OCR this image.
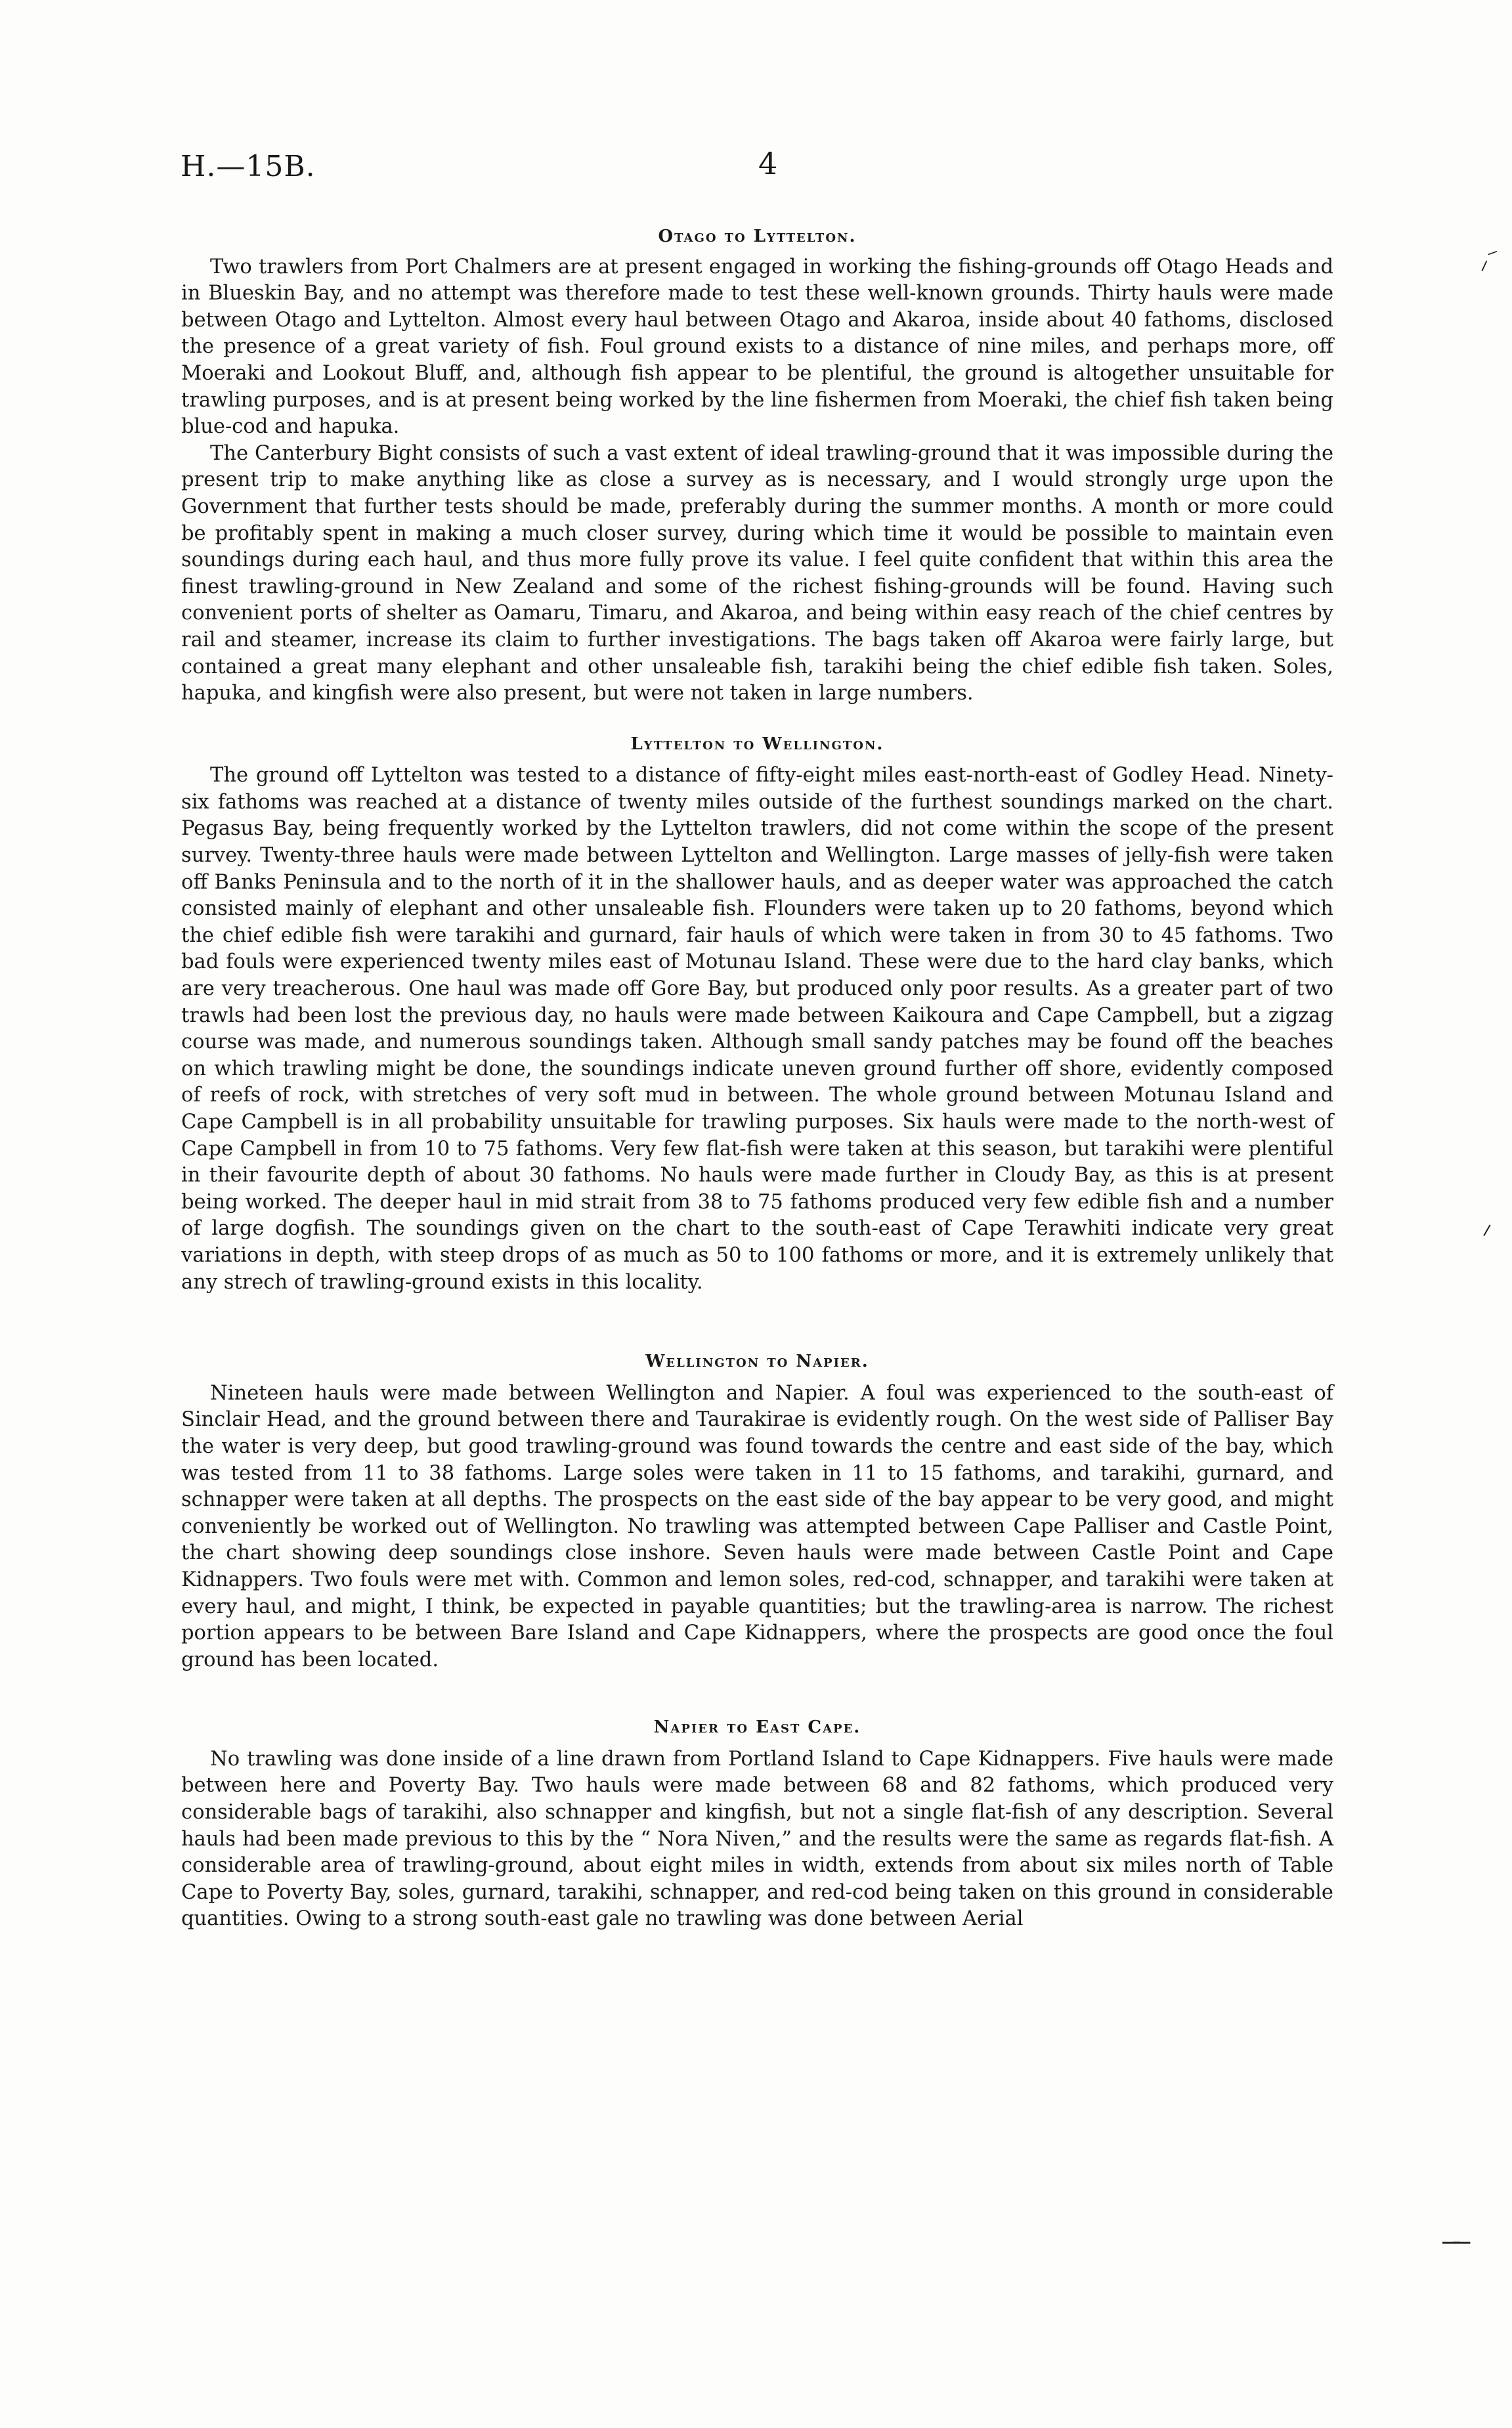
H.—15B.	4
Otago to Lyttelton.

Two trawlers from Port Chalmers are at present engaged in working the fishing-grounds off Otago Heads and in Blueskin Bay, and no attempt was therefore made to test these well-known grounds. Thirty hauls were made between Otago and Lyttelton. Almost every haul between Otago and Akaroa, inside about 40 fathoms, disclosed the presence of a great variety of fish. Foul ground exists to a distance of nine miles, and perhaps more, off Moeraki and Lookout Bluff, and, although fish appear to be plentiful, the ground is altogether unsuitable for trawling purposes, and is at present being worked by the line fishermen from Moeraki, the chief fish taken being blue-cod and hapuka.

The Canterbury Bight consists of such a vast extent of ideal trawling-ground that it was impossible during the present trip to make anything like as close a survey as is necessary, and I would strongly urge upon the Government that further tests should be made, preferably during the summer months. A month or more could be profitably spent in making a much closer survey, during which time it would be possible to maintain even soundings during each haul, and thus more fully prove its value. I feel quite confident that within this area the finest trawling-ground in New Zealand and some of the richest fishing-grounds will be found. Having such convenient ports of shelter as Oamaru, Timaru, and Akaroa, and being within easy reach of the chief centres by rail and steamer, increase its claim to further investigations. The bags taken off Akaroa were fairly large, but contained a great many elephant and other unsaleable fish, tarakihi being the chief edible fish taken. Soles, hapuka, and kingfish were also present, but were not taken in large numbers.

Lyttelton to Wellington.

The ground off Lyttelton was tested to a distance of fifty-eight miles east-north-east of Godley Head. Ninety-six fathoms was reached at a distance of twenty miles outside of the furthest soundings marked on the chart. Pegasus Bay, being frequently worked by the Lyttelton trawlers, did not come within the scope of the present survey. Twenty-three hauls were made between Lyttelton and Wellington. Large masses of jelly-fish were taken off Banks Peninsula and to the north of it in the shallower hauls, and as deeper water was approached the catch consisted mainly of elephant and other unsaleable fish. Flounders were taken up to 20 fathoms, beyond which the chief edible fish were tarakihi and gurnard, fair hauls of which were taken in from 30 to 45 fathoms. Two bad fouls were experienced twenty miles east of Motunau Island. These were due to the hard clay banks, which are very treacherous. One haul was made off Gore Bay, but produced only poor results. As a greater part of two trawls had been lost the previous day, no hauls were made between Kaikoura and Cape Campbell, but a zigzag course was made, and numerous soundings taken. Although small sandy patches may be found off the beaches on which trawling might be done, the soundings indicate uneven ground further off shore, evidently composed of reefs of rock, with stretches of very soft mud in between. The whole ground between Motunau Island and Cape Campbell is in all probability unsuitable for trawling purposes. Six hauls were made to the north-west of Cape Campbell in from 10 to 75 fathoms. Very few flat-fish were taken at this season, but tarakihi were plentiful in their favourite depth of about 30 fathoms. No hauls were made further in Cloudy Bay, as this is at present being worked. The deeper haul in mid strait from 38 to 75 fathoms produced very few edible fish and a number of large dogfish. The soundings given on the chart to the south-east of Cape Terawhiti indicate very great variations in depth, with steep drops of as much as 50 to 100 fathoms or more, and it is extremely unlikely that any strech of trawling-ground exists in this locality.

Wellington to Napier.

Nineteen hauls were made between Wellington and Napier. A foul was experienced to the south-east of Sinclair Head, and the ground between there and Taurakirae is evidently rough. On the west side of Palliser Bay the water is very deep, but good trawling-ground was found towards the centre and east side of the bay, which was tested from 11 to 38 fathoms. Large soles were taken in 11 to 15 fathoms, and tarakihi, gurnard, and schnapper were taken at all depths. The prospects on the east side of the bay appear to be very good, and might conveniently be worked out of Wellington. No trawling was attempted between Cape Palliser and Castle Point, the chart showing deep soundings close inshore. Seven hauls were made between Castle Point and Cape Kidnappers. Two fouls were met with. Common and lemon soles, red-cod, schnapper, and tarakihi were taken at every haul, and might, I think, be expected in payable quantities; but the trawling-area is narrow. The richest portion appears to be between Bare Island and Cape Kidnappers, where the prospects are good once the foul ground has been located.

Napier to East Cape.

No trawling was done inside of a line drawn from Portland Island to Cape Kidnappers. Five hauls were made between here and Poverty Bay. Two hauls were made between 68 and 82 fathoms, which produced very considerable bags of tarakihi, also schnapper and kingfish, but not a single flat-fish of any description. Several hauls had been made previous to this by the “ Nora Niven,” and the results were the same as regards flat-fish. A considerable area of trawling-ground, about eight miles in width, extends from about six miles north of Table Cape to Poverty Bay, soles, gurnard, tarakihi, schnapper, and red-cod being taken on this ground in considerable quantities. Owing to a strong south-east gale no trawling was done between Aerial

⸝⁻
⸝
–‐–
